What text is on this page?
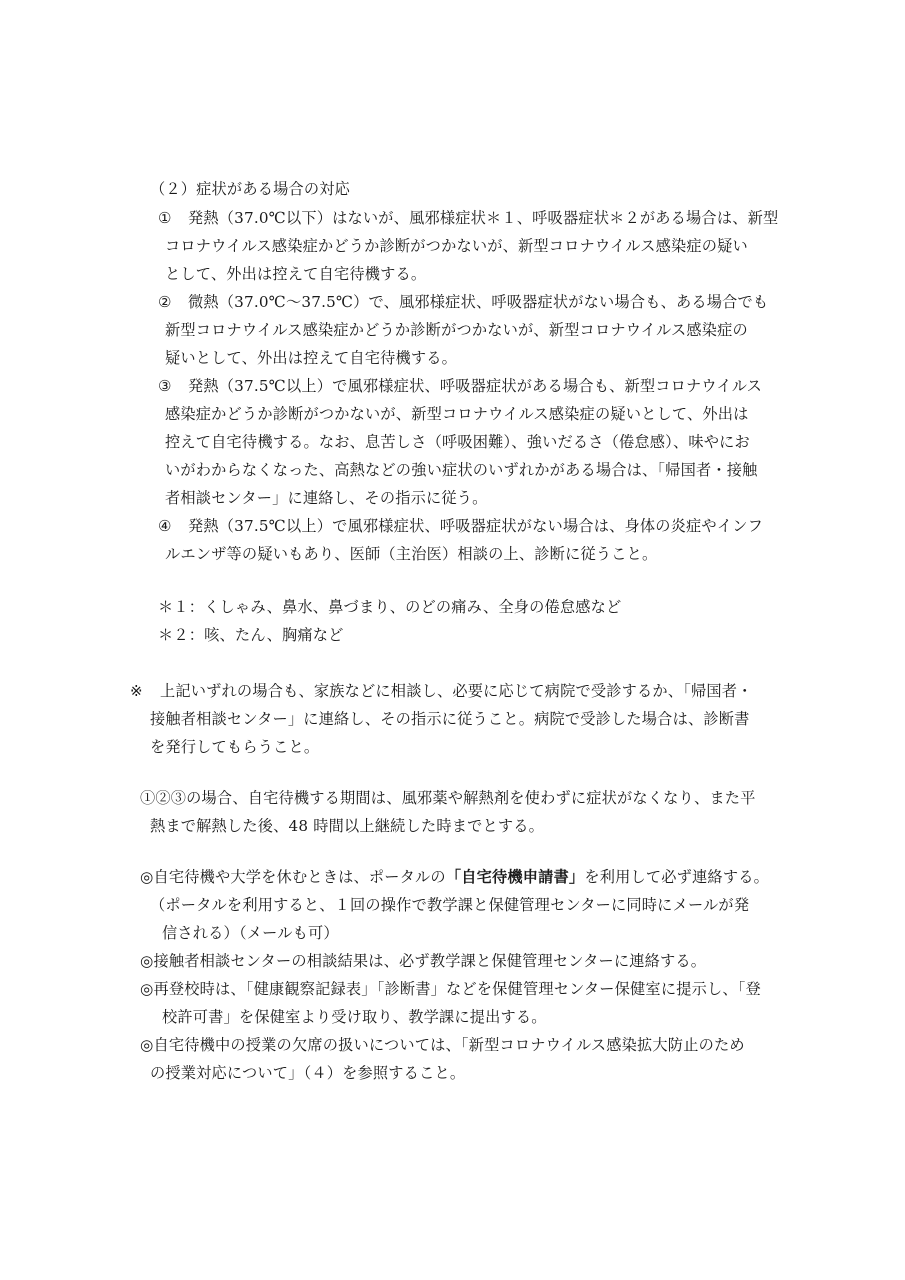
（２）症状がある場合の対応
① 発熱（37.0℃以下）はないが、風邪様症状＊１、呼吸器症状＊２がある場合は、新型
コロナウイルス感染症かどうか診断がつかないが、新型コロナウイルス感染症の疑い
として、外出は控えて自宅待機する。
② 微熱（37.0℃～37.5℃）で、風邪様症状、呼吸器症状がない場合も、ある場合でも
新型コロナウイルス感染症かどうか診断がつかないが、新型コロナウイルス感染症の
疑いとして、外出は控えて自宅待機する。
③ 発熱（37.5℃以上）で風邪様症状、呼吸器症状がある場合も、新型コロナウイルス
感染症かどうか診断がつかないが、新型コロナウイルス感染症の疑いとして、外出は
控えて自宅待機する。なお、息苦しさ（呼吸困難）、強いだるさ（倦怠感）、味やにお
いがわからなくなった、高熱などの強い症状のいずれかがある場合は、「帰国者・接触
者相談センター」に連絡し、その指示に従う。
④ 発熱（37.5℃以上）で風邪様症状、呼吸器症状がない場合は、身体の炎症やインフ
ルエンザ等の疑いもあり、医師（主治医）相談の上、診断に従うこと。
＊１：くしゃみ、鼻水、鼻づまり、のどの痛み、全身の倦怠感など
＊２：咳、たん、胸痛など
※ 上記いずれの場合も、家族などに相談し、必要に応じて病院で受診するか、「帰国者・
接触者相談センター」に連絡し、その指示に従うこと。病院で受診した場合は、診断書
を発行してもらうこと。
①②③の場合、自宅待機する期間は、風邪薬や解熱剤を使わずに症状がなくなり、また平
熱まで解熱した後、48 時間以上継続した時までとする。
◎自宅待機や大学を休むときは、ポータルの「自宅待機申請書」を利用して必ず連絡する。
（ポータルを利用すると、１回の操作で教学課と保健管理センターに同時にメールが発
信される）（メールも可）
◎接触者相談センターの相談結果は、必ず教学課と保健管理センターに連絡する。
◎再登校時は、「健康観察記録表」「診断書」などを保健管理センター保健室に提示し、「登
校許可書」を保健室より受け取り、教学課に提出する。
◎自宅待機中の授業の欠席の扱いについては、「新型コロナウイルス感染拡大防止のため
の授業対応について」（４）を参照すること。
